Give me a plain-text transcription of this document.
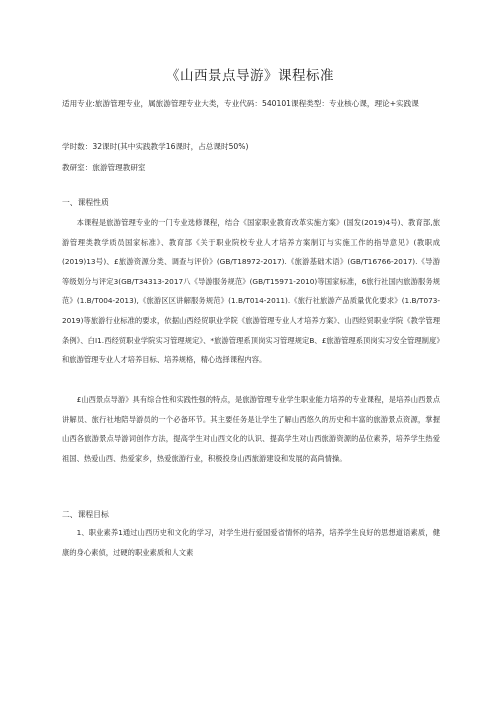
《山西景点导游》课程标准
适用专业:旅游管理专业，属旅游管理专业大类，专业代码：540101课程类型：专业核心课，理论+实践课
学时数：32课时(其中实践教学16课时，占总课时50%)
教研室：旅游管理教研室
一、课程性质

本课程是旅游管理专业的一门专业选修课程，结合《国家职业教育改革实施方案》(国发(2019)4号)、教育部,旅游管理类教学质员国家标准》、教育部《关于职业院校专业人才培养方案制订与实施工作的指导意见》(教职成(2019)13号)、£旅游资源分类、调查与评价》(GB/T18972-2017).《旅游基础术语》(GB/T16766-2017).《导游等级划分与评定3(GB/T34313-2017八《导游服务规范》(GB/T15971-2010)等国家标准，6旅行社国内旅游服务规范》(1.B/T004-2013),《旅游区区讲解服务规范》(1.B/T014-2011).《旅行社旅游产品质量优化要求》(1.B/T073-2019)等旅游行业标准的要求，依据山西经贸职业学院《旅游管理专业人才培养方案》、山西经贸职业学院《教学管理条例》、白I1.西经贸职业学院实习管理规定》、*旅游管理系顶岗实习管理规定B、£旅游管理系顶岗实习安全管理制度》和旅游管理专业人才培养目标、培养规格，精心选择课程内容。

£山西景点导游》具有综合性和实践性强的特点，是旅游管理专业学生职业能力培养的专业课程，是培养山西景点讲解员、旅行社地陪导游员的一个必备环节。其主要任务是让学生了解山西悠久的历史和丰富的旅游景点资源，掌握山西各旅游景点导游词创作方法，提高学生对山西文化的认识、提高学生对山西旅游资源的品位素养，培养学生热爱祖国、热爱山西、热爱家乡，热爱旅游行业，积极投身山西旅游建设和发展的高尚情操。

二、课程目标

1、职业素养1通过山西历史和文化的学习，对学生进行爱国爱省情怀的培养，培养学生良好的思想道语素质，健康的身心素侦，过硬的职业素质和人文素
